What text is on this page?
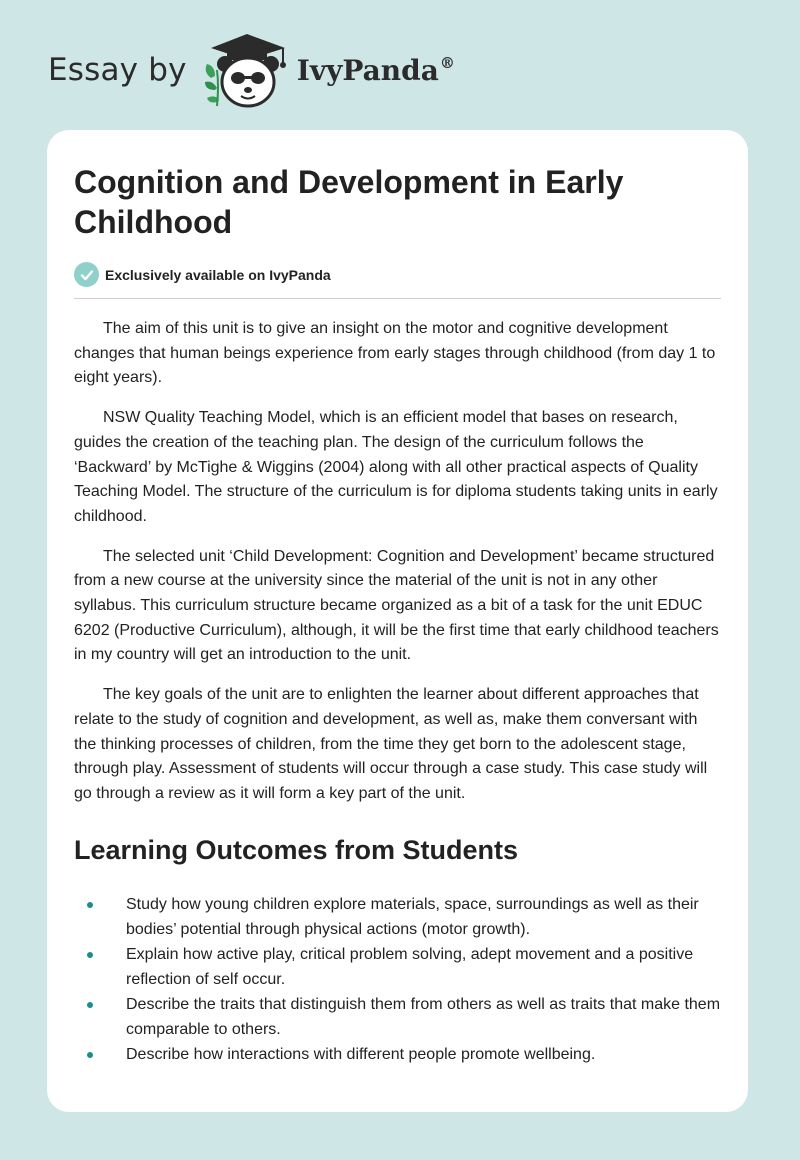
Essay by	IvyPanda®
Cognition and Development in Early Childhood
Exclusively available on IvyPanda

The aim of this unit is to give an insight on the motor and cognitive development changes that human beings experience from early stages through childhood (from day 1 to eight years).

NSW Quality Teaching Model, which is an efficient model that bases on research, guides the creation of the teaching plan. The design of the curriculum follows the ‘Backward’ by McTighe & Wiggins (2004) along with all other practical aspects of Quality Teaching Model. The structure of the curriculum is for diploma students taking units in early childhood.

The selected unit ‘Child Development: Cognition and Development’ became structured from a new course at the university since the material of the unit is not in any other syllabus. This curriculum structure became organized as a bit of a task for the unit EDUC 6202 (Productive Curriculum), although, it will be the first time that early childhood teachers in my country will get an introduction to the unit.

The key goals of the unit are to enlighten the learner about different approaches that relate to the study of cognition and development, as well as, make them conversant with the thinking processes of children, from the time they get born to the adolescent stage, through play. Assessment of students will occur through a case study. This case study will go through a review as it will form a key part of the unit.

Learning Outcomes from Students
Study how young children explore materials, space, surroundings as well as their bodies’ potential through physical actions (motor growth).
Explain how active play, critical problem solving, adept movement and a positive reflection of self occur.
Describe the traits that distinguish them from others as well as traits that make them comparable to others.
Describe how interactions with different people promote wellbeing.
